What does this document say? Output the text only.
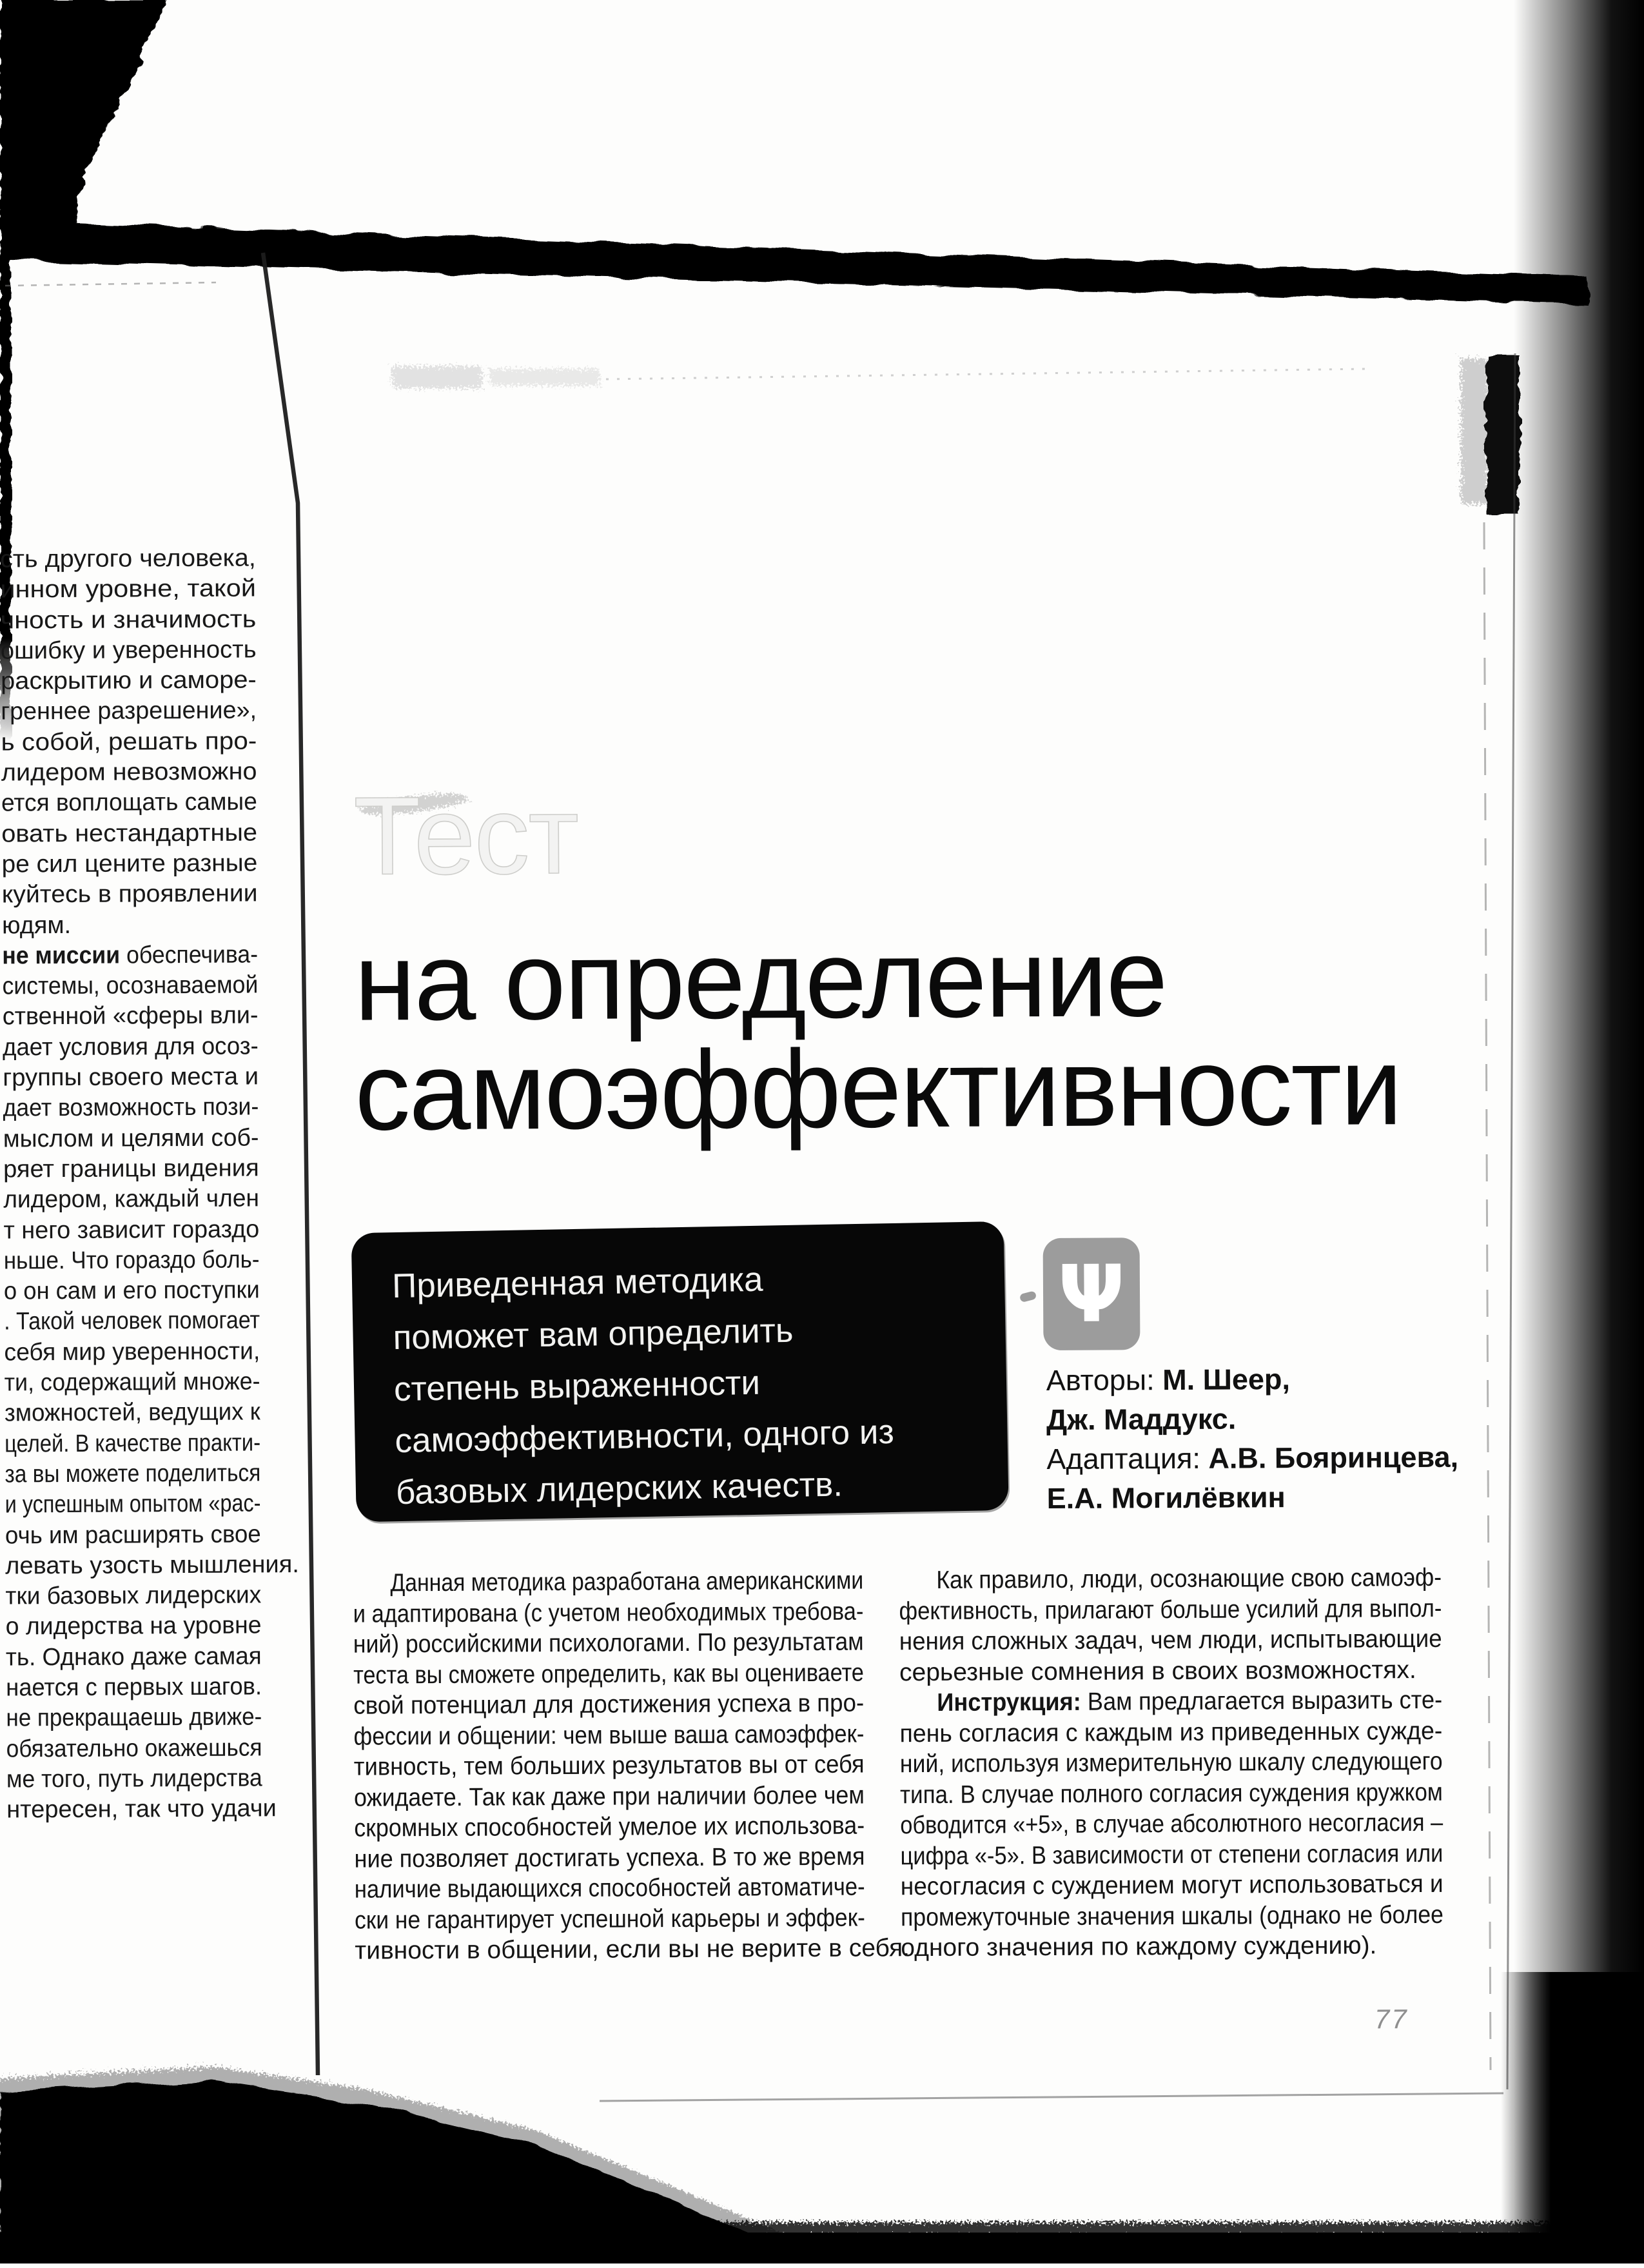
сть другого человека,
инном уровне, такой
чность и значимость
ошибку и уверенность
раскрытию и саморе-
греннее разрешение»,
ь собой, решать про-
лидером невозможно
ется воплощать самые
овать нестандартные
ре сил цените разные
куйтесь в проявлении
юдям.
не миссии обеспечива-
системы, осознаваемой
ственной «сферы вли-
дает условия для осоз-
группы своего места и
дает возможность пози-
мыслом и целями соб-
ряет границы видения
лидером, каждый член
т него зависит гораздо
ньше. Что гораздо боль-
о он сам и его поступки
. Такой человек помогает
себя мир уверенности,
ти, содержащий множе-
зможностей, ведущих к
целей. В качестве практи-
за вы можете поделиться
и успешным опытом «рас-
очь им расширять свое
левать узость мышления.
тки базовых лидерских
о лидерства на уровне
ть. Однако даже самая
нается с первых шагов.
не прекращаешь движе-
обязательно окажешься
ме того, путь лидерства
нтересен, так что удачи
Тест
на определение
самоэффективности
Приведенная методика
поможет вам определить
степень выраженности
самоэффективности, одного из
базовых лидерских качеств.
Ψ
Авторы: М. Шеер,
Дж. Маддукс.
Адаптация: А.В. Бояринцева,
Е.А. Могилёвкин
Данная методика разработана американскими
и адаптирована (с учетом необходимых требова-
ний) российскими психологами. По результатам
теста вы сможете определить, как вы оцениваете
свой потенциал для достижения успеха в про-
фессии и общении: чем выше ваша самоэффек-
тивность, тем больших результатов вы от себя
ожидаете. Так как даже при наличии более чем
скромных способностей умелое их использова-
ние позволяет достигать успеха. В то же время
наличие выдающихся способностей автоматиче-
ски не гарантирует успешной карьеры и эффек-
тивности в общении, если вы не верите в себя.
Как правило, люди, осознающие свою самоэф-
фективность, прилагают больше усилий для выпол-
нения сложных задач, чем люди, испытывающие
серьезные сомнения в своих возможностях.
Инструкция: Вам предлагается выразить сте-
пень согласия с каждым из приведенных сужде-
ний, используя измерительную шкалу следующего
типа. В случае полного согласия суждения кружком
обводится «+5», в случае абсолютного несогласия –
цифра «-5». В зависимости от степени согласия или
несогласия с суждением могут использоваться и
промежуточные значения шкалы (однако не более
одного значения по каждому суждению).
77
